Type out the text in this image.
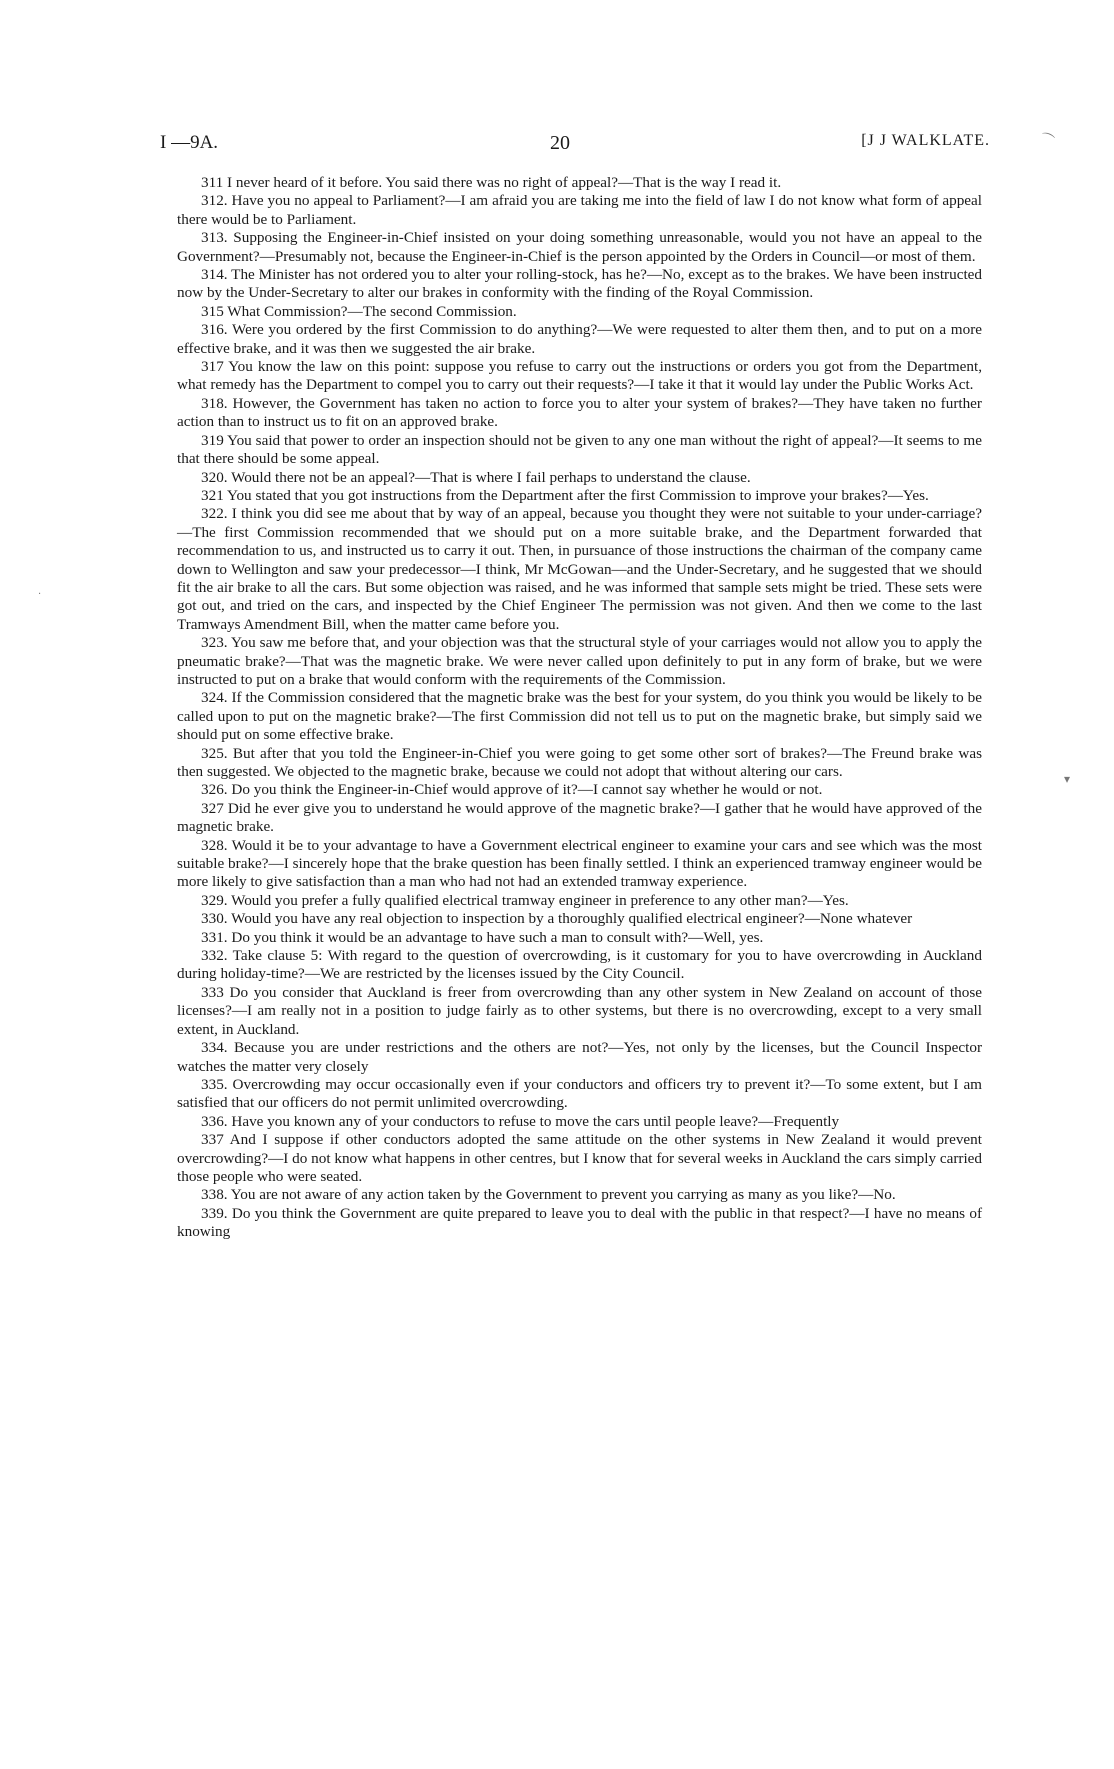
I —9A.	20	[J J WALKLATE.

311 I never heard of it before. You said there was no right of appeal?—That is the way I read it.

312. Have you no appeal to Parliament?—I am afraid you are taking me into the field of law I do not know what form of appeal there would be to Parliament.

313. Supposing the Engineer-in-Chief insisted on your doing something unreasonable, would you not have an appeal to the Government?—Presumably not, because the Engineer-in-Chief is the person appointed by the Orders in Council—or most of them.

314. The Minister has not ordered you to alter your rolling-stock, has he?—No, except as to the brakes. We have been instructed now by the Under-Secretary to alter our brakes in conformity with the finding of the Royal Commission.

315 What Commission?—The second Commission.

316. Were you ordered by the first Commission to do anything?—We were requested to alter them then, and to put on a more effective brake, and it was then we suggested the air brake.

317 You know the law on this point: suppose you refuse to carry out the instructions or orders you got from the Department, what remedy has the Department to compel you to carry out their requests?—I take it that it would lay under the Public Works Act.

318. However, the Government has taken no action to force you to alter your system of brakes?—They have taken no further action than to instruct us to fit on an approved brake.

319 You said that power to order an inspection should not be given to any one man without the right of appeal?—It seems to me that there should be some appeal.

320. Would there not be an appeal?—That is where I fail perhaps to understand the clause.

321 You stated that you got instructions from the Department after the first Commission to improve your brakes?—Yes.

322. I think you did see me about that by way of an appeal, because you thought they were not suitable to your under-carriage?—The first Commission recommended that we should put on a more suitable brake, and the Department forwarded that recommendation to us, and instructed us to carry it out. Then, in pursuance of those instructions the chairman of the company came down to Wellington and saw your predecessor—I think, Mr McGowan—and the Under-Secretary, and he suggested that we should fit the air brake to all the cars. But some objection was raised, and he was informed that sample sets might be tried. These sets were got out, and tried on the cars, and inspected by the Chief Engineer The permission was not given. And then we come to the last Tramways Amendment Bill, when the matter came before you.

323. You saw me before that, and your objection was that the structural style of your carriages would not allow you to apply the pneumatic brake?—That was the magnetic brake. We were never called upon definitely to put in any form of brake, but we were instructed to put on a brake that would conform with the requirements of the Commission.

324. If the Commission considered that the magnetic brake was the best for your system, do you think you would be likely to be called upon to put on the magnetic brake?—The first Commission did not tell us to put on the magnetic brake, but simply said we should put on some effective brake.

325. But after that you told the Engineer-in-Chief you were going to get some other sort of brakes?—The Freund brake was then suggested. We objected to the magnetic brake, because we could not adopt that without altering our cars.

326. Do you think the Engineer-in-Chief would approve of it?—I cannot say whether he would or not.

327 Did he ever give you to understand he would approve of the magnetic brake?—I gather that he would have approved of the magnetic brake.

328. Would it be to your advantage to have a Government electrical engineer to examine your cars and see which was the most suitable brake?—I sincerely hope that the brake question has been finally settled. I think an experienced tramway engineer would be more likely to give satisfaction than a man who had not had an extended tramway experience.

329. Would you prefer a fully qualified electrical tramway engineer in preference to any other man?—Yes.

330. Would you have any real objection to inspection by a thoroughly qualified electrical engineer?—None whatever

331. Do you think it would be an advantage to have such a man to consult with?—Well, yes.

332. Take clause 5: With regard to the question of overcrowding, is it customary for you to have overcrowding in Auckland during holiday-time?—We are restricted by the licenses issued by the City Council.

333 Do you consider that Auckland is freer from overcrowding than any other system in New Zealand on account of those licenses?—I am really not in a position to judge fairly as to other systems, but there is no overcrowding, except to a very small extent, in Auckland.

334. Because you are under restrictions and the others are not?—Yes, not only by the licenses, but the Council Inspector watches the matter very closely

335. Overcrowding may occur occasionally even if your conductors and officers try to prevent it?—To some extent, but I am satisfied that our officers do not permit unlimited overcrowding.

336. Have you known any of your conductors to refuse to move the cars until people leave?—Frequently

337 And I suppose if other conductors adopted the same attitude on the other systems in New Zealand it would prevent overcrowding?—I do not know what happens in other centres, but I know that for several weeks in Auckland the cars simply carried those people who were seated.

338. You are not aware of any action taken by the Government to prevent you carrying as many as you like?—No.

339. Do you think the Government are quite prepared to leave you to deal with the public in that respect?—I have no means of knowing

⌒
▾
·
